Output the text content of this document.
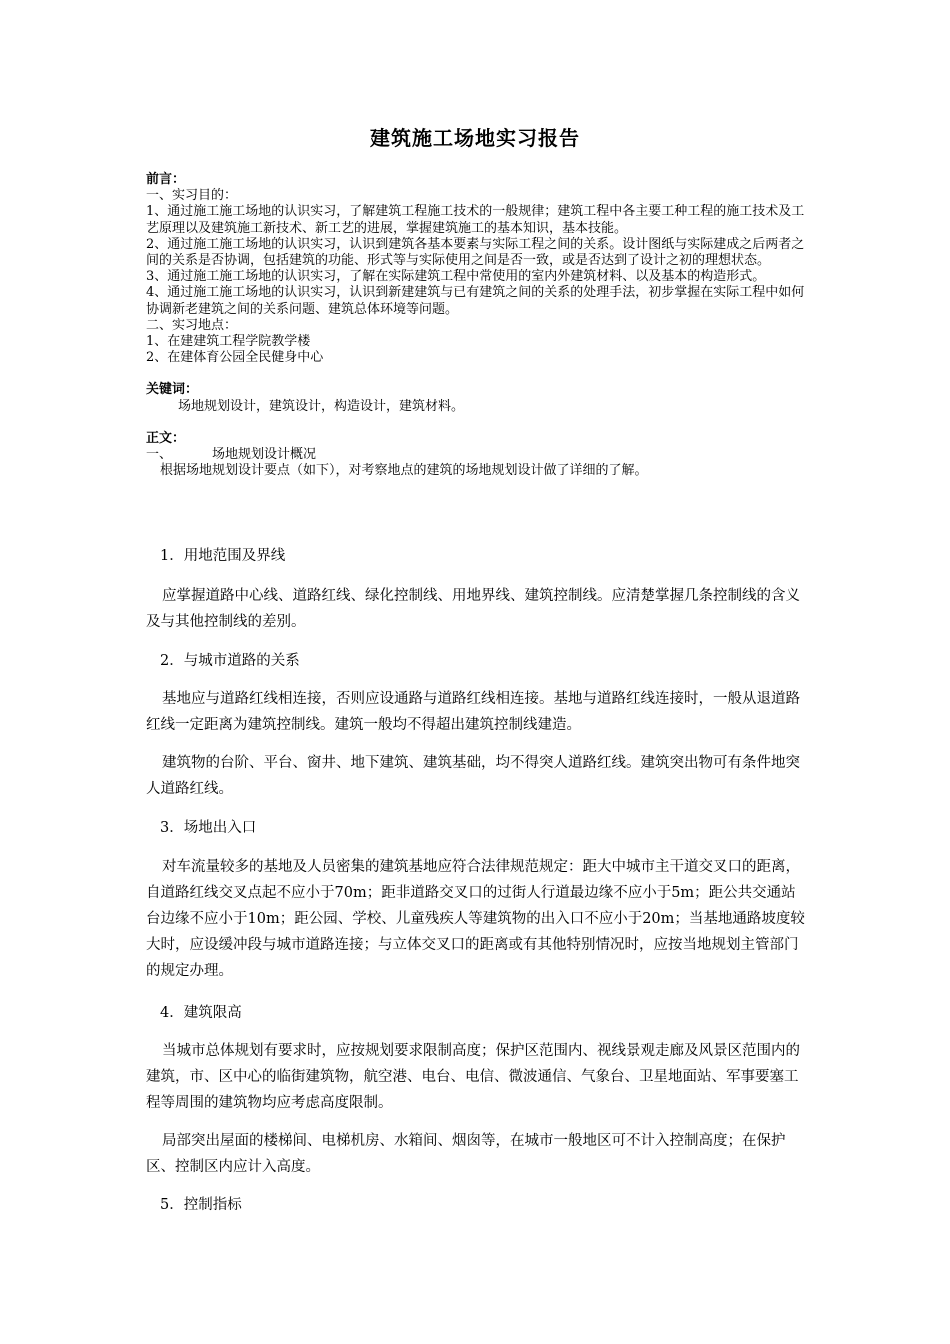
建筑施工场地实习报告

前言：

一、实习目的：

1、通过施工施工场地的认识实习，了解建筑工程施工技术的一般规律；建筑工程中各主要工种工程的施工技术及工艺原理以及建筑施工新技术、新工艺的进展，掌握建筑施工的基本知识，基本技能。

2、通过施工施工场地的认识实习，认识到建筑各基本要素与实际工程之间的关系。设计图纸与实际建成之后两者之间的关系是否协调，包括建筑的功能、形式等与实际使用之间是否一致，或是否达到了设计之初的理想状态。

3、通过施工施工场地的认识实习，了解在实际建筑工程中常使用的室内外建筑材料、以及基本的构造形式。

4、通过施工施工场地的认识实习，认识到新建建筑与已有建筑之间的关系的处理手法，初步掌握在实际工程中如何协调新老建筑之间的关系问题、建筑总体环境等问题。

二、实习地点：

1、在建建筑工程学院教学楼

2、在建体育公园全民健身中心

关键词：

场地规划设计，建筑设计，构造设计，建筑材料。

正文：

一、	场地规划设计概况

根据场地规划设计要点（如下），对考察地点的建筑的场地规划设计做了详细的了解。

1．用地范围及界线

应掌握道路中心线、道路红线、绿化控制线、用地界线、建筑控制线。应清楚掌握几条控制线的含义及与其他控制线的差别。

2．与城市道路的关系

基地应与道路红线相连接，否则应设通路与道路红线相连接。基地与道路红线连接时，一般从退道路红线一定距离为建筑控制线。建筑一般均不得超出建筑控制线建造。

建筑物的台阶、平台、窗井、地下建筑、建筑基础，均不得突人道路红线。建筑突出物可有条件地突人道路红线。

3．场地出入口

对车流量较多的基地及人员密集的建筑基地应符合法律规范规定：距大中城市主干道交叉口的距离，自道路红线交叉点起不应小于70m；距非道路交叉口的过街人行道最边缘不应小于5m；距公共交通站台边缘不应小于10m；距公园、学校、儿童残疾人等建筑物的出入口不应小于20m；当基地通路坡度较大时，应设缓冲段与城市道路连接；与立体交叉口的距离或有其他特别情况时，应按当地规划主管部门的规定办理。

4．建筑限高

当城市总体规划有要求时，应按规划要求限制高度；保护区范围内、视线景观走廊及风景区范围内的建筑，市、区中心的临街建筑物，航空港、电台、电信、微波通信、气象台、卫星地面站、军事要塞工程等周围的建筑物均应考虑高度限制。

局部突出屋面的楼梯间、电梯机房、水箱间、烟囱等，在城市一般地区可不计入控制高度；在保护区、控制区内应计入高度。

5．控制指标
